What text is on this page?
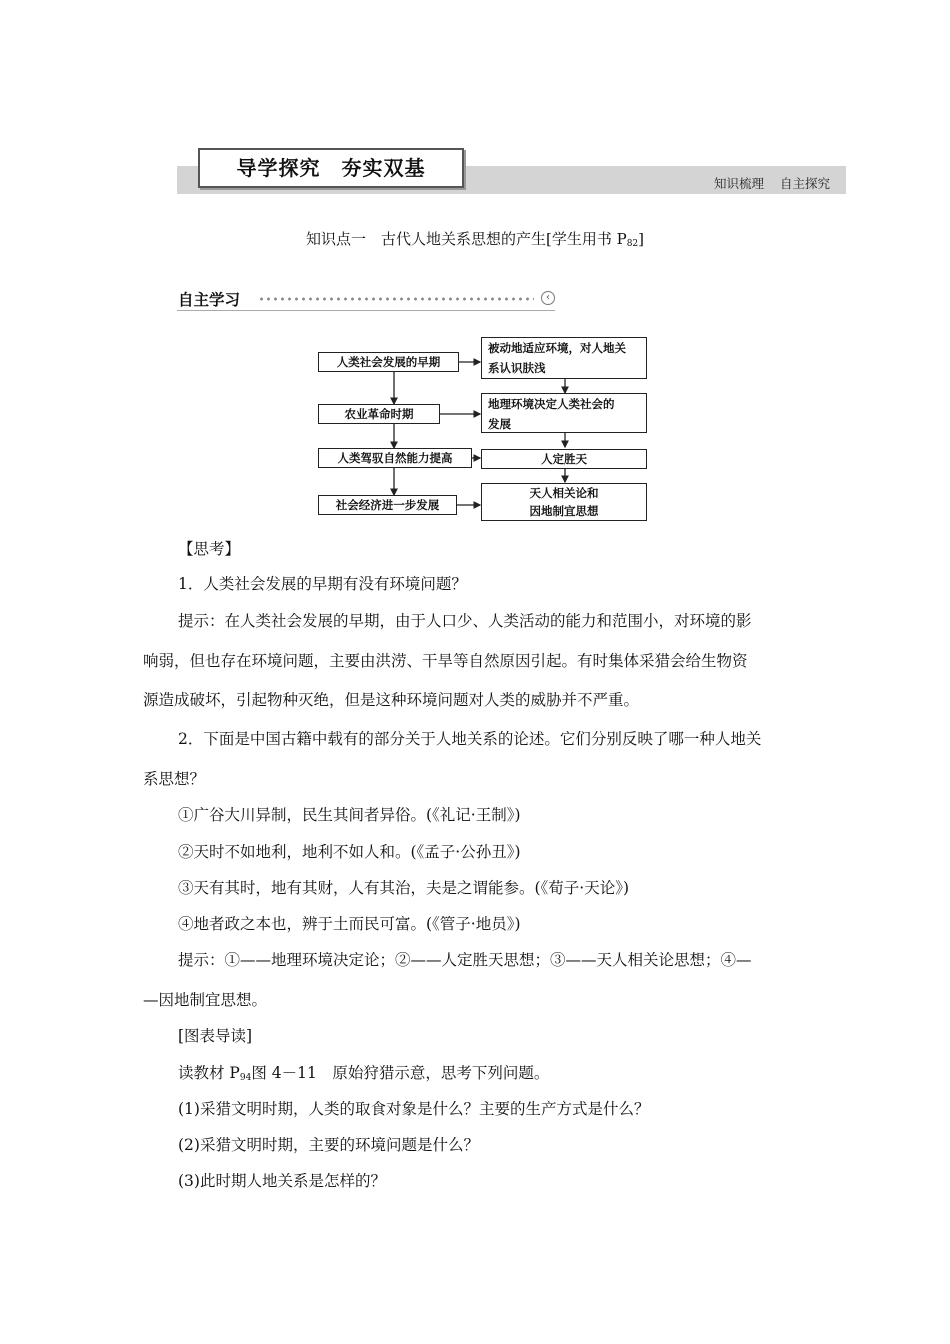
导学探究　夯实双基
知识梳理 自主探究
知识点一　古代人地关系思想的产生[学生用书 $P_{82}$]
自主学习	‹
人类社会发展的早期
农业革命时期
人类驾驭自然能力提高
社会经济进一步发展
被动地适应环境，对人地关
系认识肤浅
地理环境决定人类社会的
发展
人定胜天
天人相关论和
因地制宜思想
【思考】
1．人类社会发展的早期有没有环境问题？
提示：在人类社会发展的早期，由于人口少、人类活动的能力和范围小，对环境的影
响弱，但也存在环境问题，主要由洪涝、干旱等自然原因引起。有时集体采猎会给生物资
源造成破坏，引起物种灭绝，但是这种环境问题对人类的威胁并不严重。
2．下面是中国古籍中载有的部分关于人地关系的论述。它们分别反映了哪一种人地关
系思想？
①广谷大川异制，民生其间者异俗。(《礼记·王制》)
②天时不如地利，地利不如人和。(《孟子·公孙丑》)
③天有其时，地有其财，人有其治，夫是之谓能参。(《荀子·天论》)
④地者政之本也，辨于土而民可富。(《管子·地员》)
提示：①——地理环境决定论；②——人定胜天思想；③——天人相关论思想；④—
—因地制宜思想。
[图表导读]
读教材 $P_{94}$图 4－11　原始狩猎示意，思考下列问题。
(1)采猎文明时期，人类的取食对象是什么？主要的生产方式是什么？
(2)采猎文明时期，主要的环境问题是什么？
(3)此时期人地关系是怎样的？
